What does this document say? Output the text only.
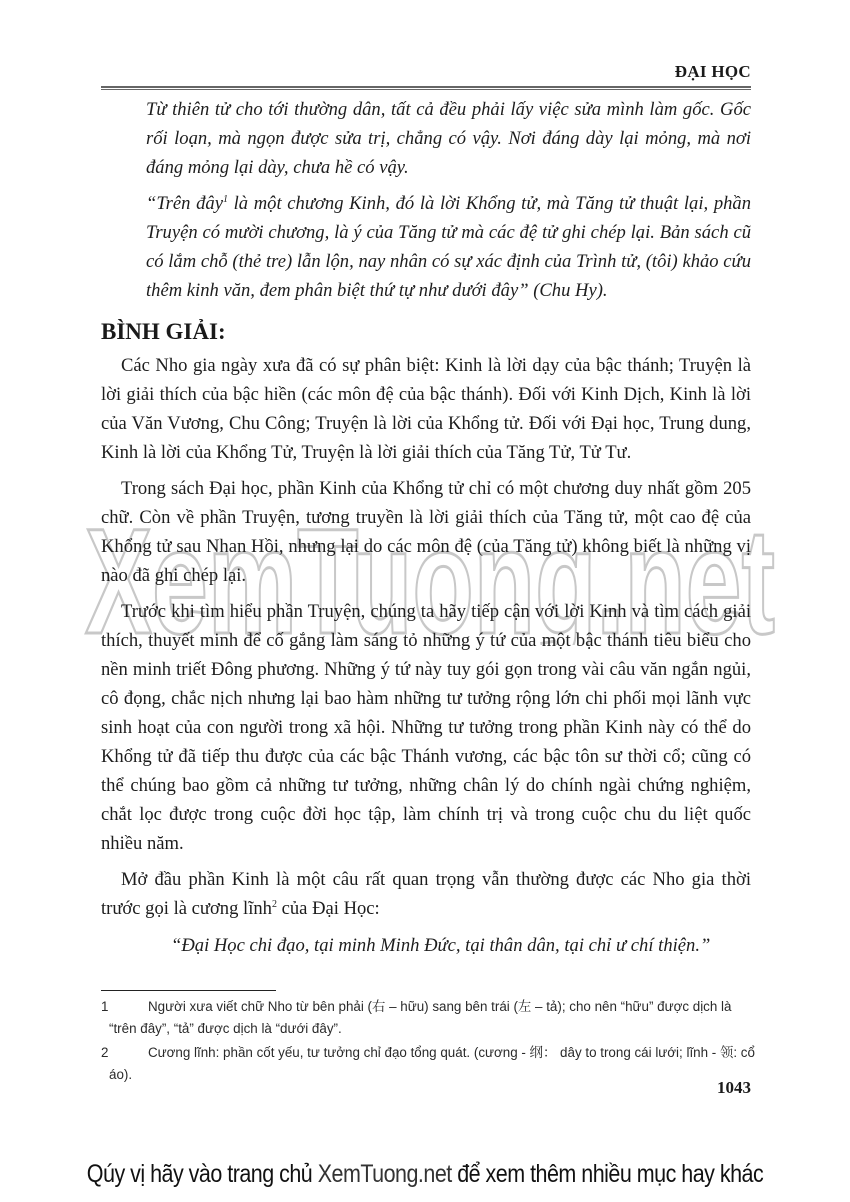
ĐẠI HỌC
XemTuong.net

Từ thiên tử cho tới thường dân, tất cả đều phải lấy việc sửa mình làm gốc. Gốc rối loạn, mà ngọn được sửa trị, chẳng có vậy. Nơi đáng dày lại mỏng, mà nơi đáng mỏng lại dày, chưa hề có vậy.

“Trên đây$^1$ là một chương Kinh, đó là lời Khổng tử, mà Tăng tử thuật lại, phần Truyện có mười chương, là ý của Tăng tử mà các đệ tử ghi chép lại. Bản sách cũ có lắm chỗ (thẻ tre) lẫn lộn, nay nhân có sự xác định của Trình tử, (tôi) khảo cứu thêm kinh văn, đem phân biệt thứ tự như dưới đây” (Chu Hy).

BÌNH GIẢI:

Các Nho gia ngày xưa đã có sự phân biệt: Kinh là lời dạy của bậc thánh; Truyện là lời giải thích của bậc hiền (các môn đệ của bậc thánh). Đối với Kinh Dịch, Kinh là lời của Văn Vương, Chu Công; Truyện là lời của Khổng tử. Đối với Đại học, Trung dung, Kinh là lời của Khổng Tử, Truyện là lời giải thích của Tăng Tử, Tử Tư.

Trong sách Đại học, phần Kinh của Khổng tử chỉ có một chương duy nhất gồm 205 chữ. Còn về phần Truyện, tương truyền là lời giải thích của Tăng tử, một cao đệ của Khổng tử sau Nhan Hồi, nhưng lại do các môn đệ (của Tăng tử) không biết là những vị nào đã ghi chép lại.

Trước khi tìm hiểu phần Truyện, chúng ta hãy tiếp cận với lời Kinh và tìm cách giải thích, thuyết minh để cố gắng làm sáng tỏ những ý tứ của một bậc thánh tiêu biểu cho nền minh triết Đông phương. Những ý tứ này tuy gói gọn trong vài câu văn ngắn ngủi, cô đọng, chắc nịch nhưng lại bao hàm những tư tưởng rộng lớn chi phối mọi lãnh vực sinh hoạt của con người trong xã hội. Những tư tưởng trong phần Kinh này có thể do Khổng tử đã tiếp thu được của các bậc Thánh vương, các bậc tôn sư thời cổ; cũng có thể chúng bao gồm cả những tư tưởng, những chân lý do chính ngài chứng nghiệm, chắt lọc được trong cuộc đời học tập, làm chính trị và trong cuộc chu du liệt quốc nhiều năm.

Mở đầu phần Kinh là một câu rất quan trọng vẫn thường được các Nho gia thời trước gọi là cương lĩnh$^2$ của Đại Học:

“Đại Học chi đạo, tại minh Minh Đức, tại thân dân, tại chỉ ư chí thiện.”

1	Người xưa viết chữ Nho từ bên phải (右 – hữu) sang bên trái (左 – tả); cho nên “hữu” được dịch là “trên đây”, “tả” được dịch là “dưới đây”.

2	Cương lĩnh: phần cốt yếu, tư tưởng chỉ đạo tổng quát. (cương - 纲： dây to trong cái lưới; lĩnh - 领: cổ áo).

1043
Qúy vị hãy vào trang chủ XemTuong.net để xem thêm nhiều mục hay khác
